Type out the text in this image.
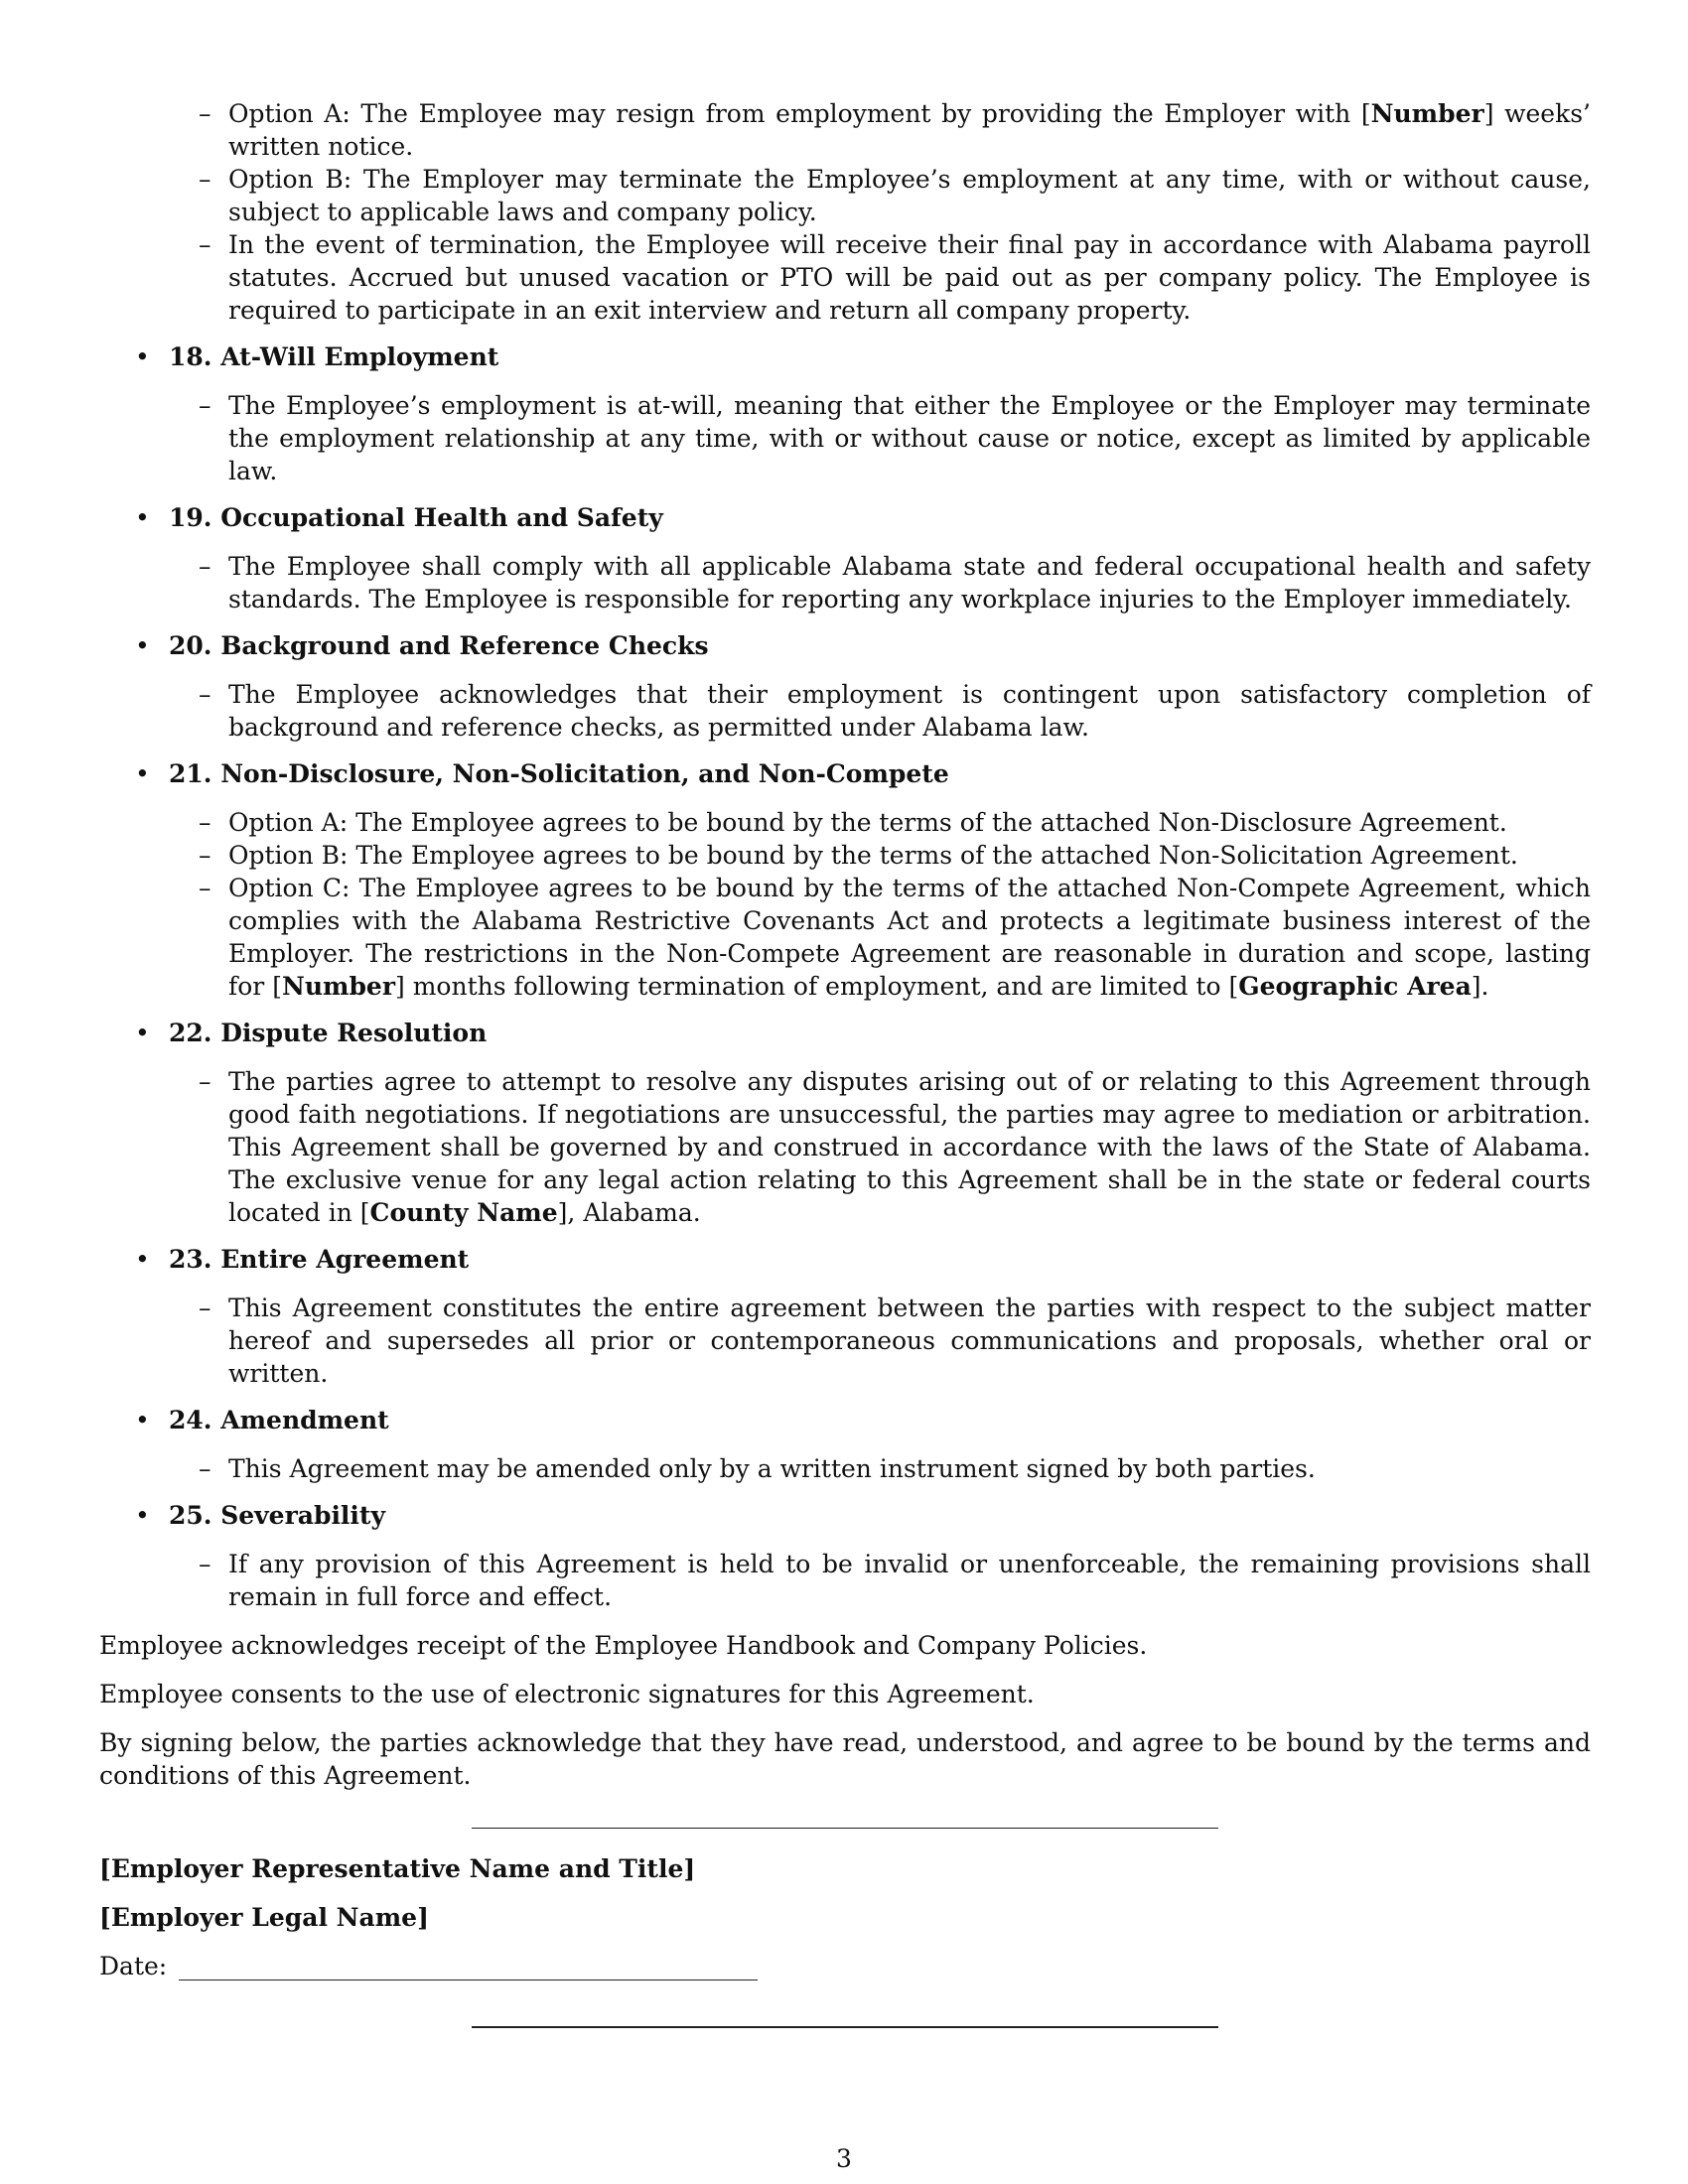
– Option A: The Employee may resign from employment by providing the Employer with [Number] weeks’ written notice.
– Option B: The Employer may terminate the Employee’s employment at any time, with or without cause, subject to applicable laws and company policy.
– In the event of termination, the Employee will receive their final pay in accordance with Alabama payroll statutes. Accrued but unused vacation or PTO will be paid out as per company policy. The Employee is required to participate in an exit interview and return all company property.
• 18. At-Will Employment
– The Employee’s employment is at-will, meaning that either the Employee or the Employer may terminate the employment relationship at any time, with or without cause or notice, except as limited by applicable law.
• 19. Occupational Health and Safety
– The Employee shall comply with all applicable Alabama state and federal occupational health and safety standards. The Employee is responsible for reporting any workplace injuries to the Employer immediately.
• 20. Background and Reference Checks
– The Employee acknowledges that their employment is contingent upon satisfactory completion of background and reference checks, as permitted under Alabama law.
• 21. Non-Disclosure, Non-Solicitation, and Non-Compete
– Option A: The Employee agrees to be bound by the terms of the attached Non-Disclosure Agreement.
– Option B: The Employee agrees to be bound by the terms of the attached Non-Solicitation Agreement.
– Option C: The Employee agrees to be bound by the terms of the attached Non-Compete Agreement, which complies with the Alabama Restrictive Covenants Act and protects a legitimate business interest of the Employer. The restrictions in the Non-Compete Agreement are reasonable in duration and scope, lasting for [Number] months following termination of employment, and are limited to [Geographic Area].
• 22. Dispute Resolution
– The parties agree to attempt to resolve any disputes arising out of or relating to this Agreement through good faith negotiations. If negotiations are unsuccessful, the parties may agree to mediation or arbitration. This Agreement shall be governed by and construed in accordance with the laws of the State of Alabama. The exclusive venue for any legal action relating to this Agreement shall be in the state or federal courts located in [County Name], Alabama.
• 23. Entire Agreement
– This Agreement constitutes the entire agreement between the parties with respect to the subject matter hereof and supersedes all prior or contemporaneous communications and proposals, whether oral or written.
• 24. Amendment
– This Agreement may be amended only by a written instrument signed by both parties.
• 25. Severability
– If any provision of this Agreement is held to be invalid or unenforceable, the remaining provisions shall remain in full force and effect.

Employee acknowledges receipt of the Employee Handbook and Company Policies.

Employee consents to the use of electronic signatures for this Agreement.

By signing below, the parties acknowledge that they have read, understood, and agree to be bound by the terms and conditions of this Agreement.

[Employer Representative Name and Title]
[Employer Legal Name]
Date:
3
